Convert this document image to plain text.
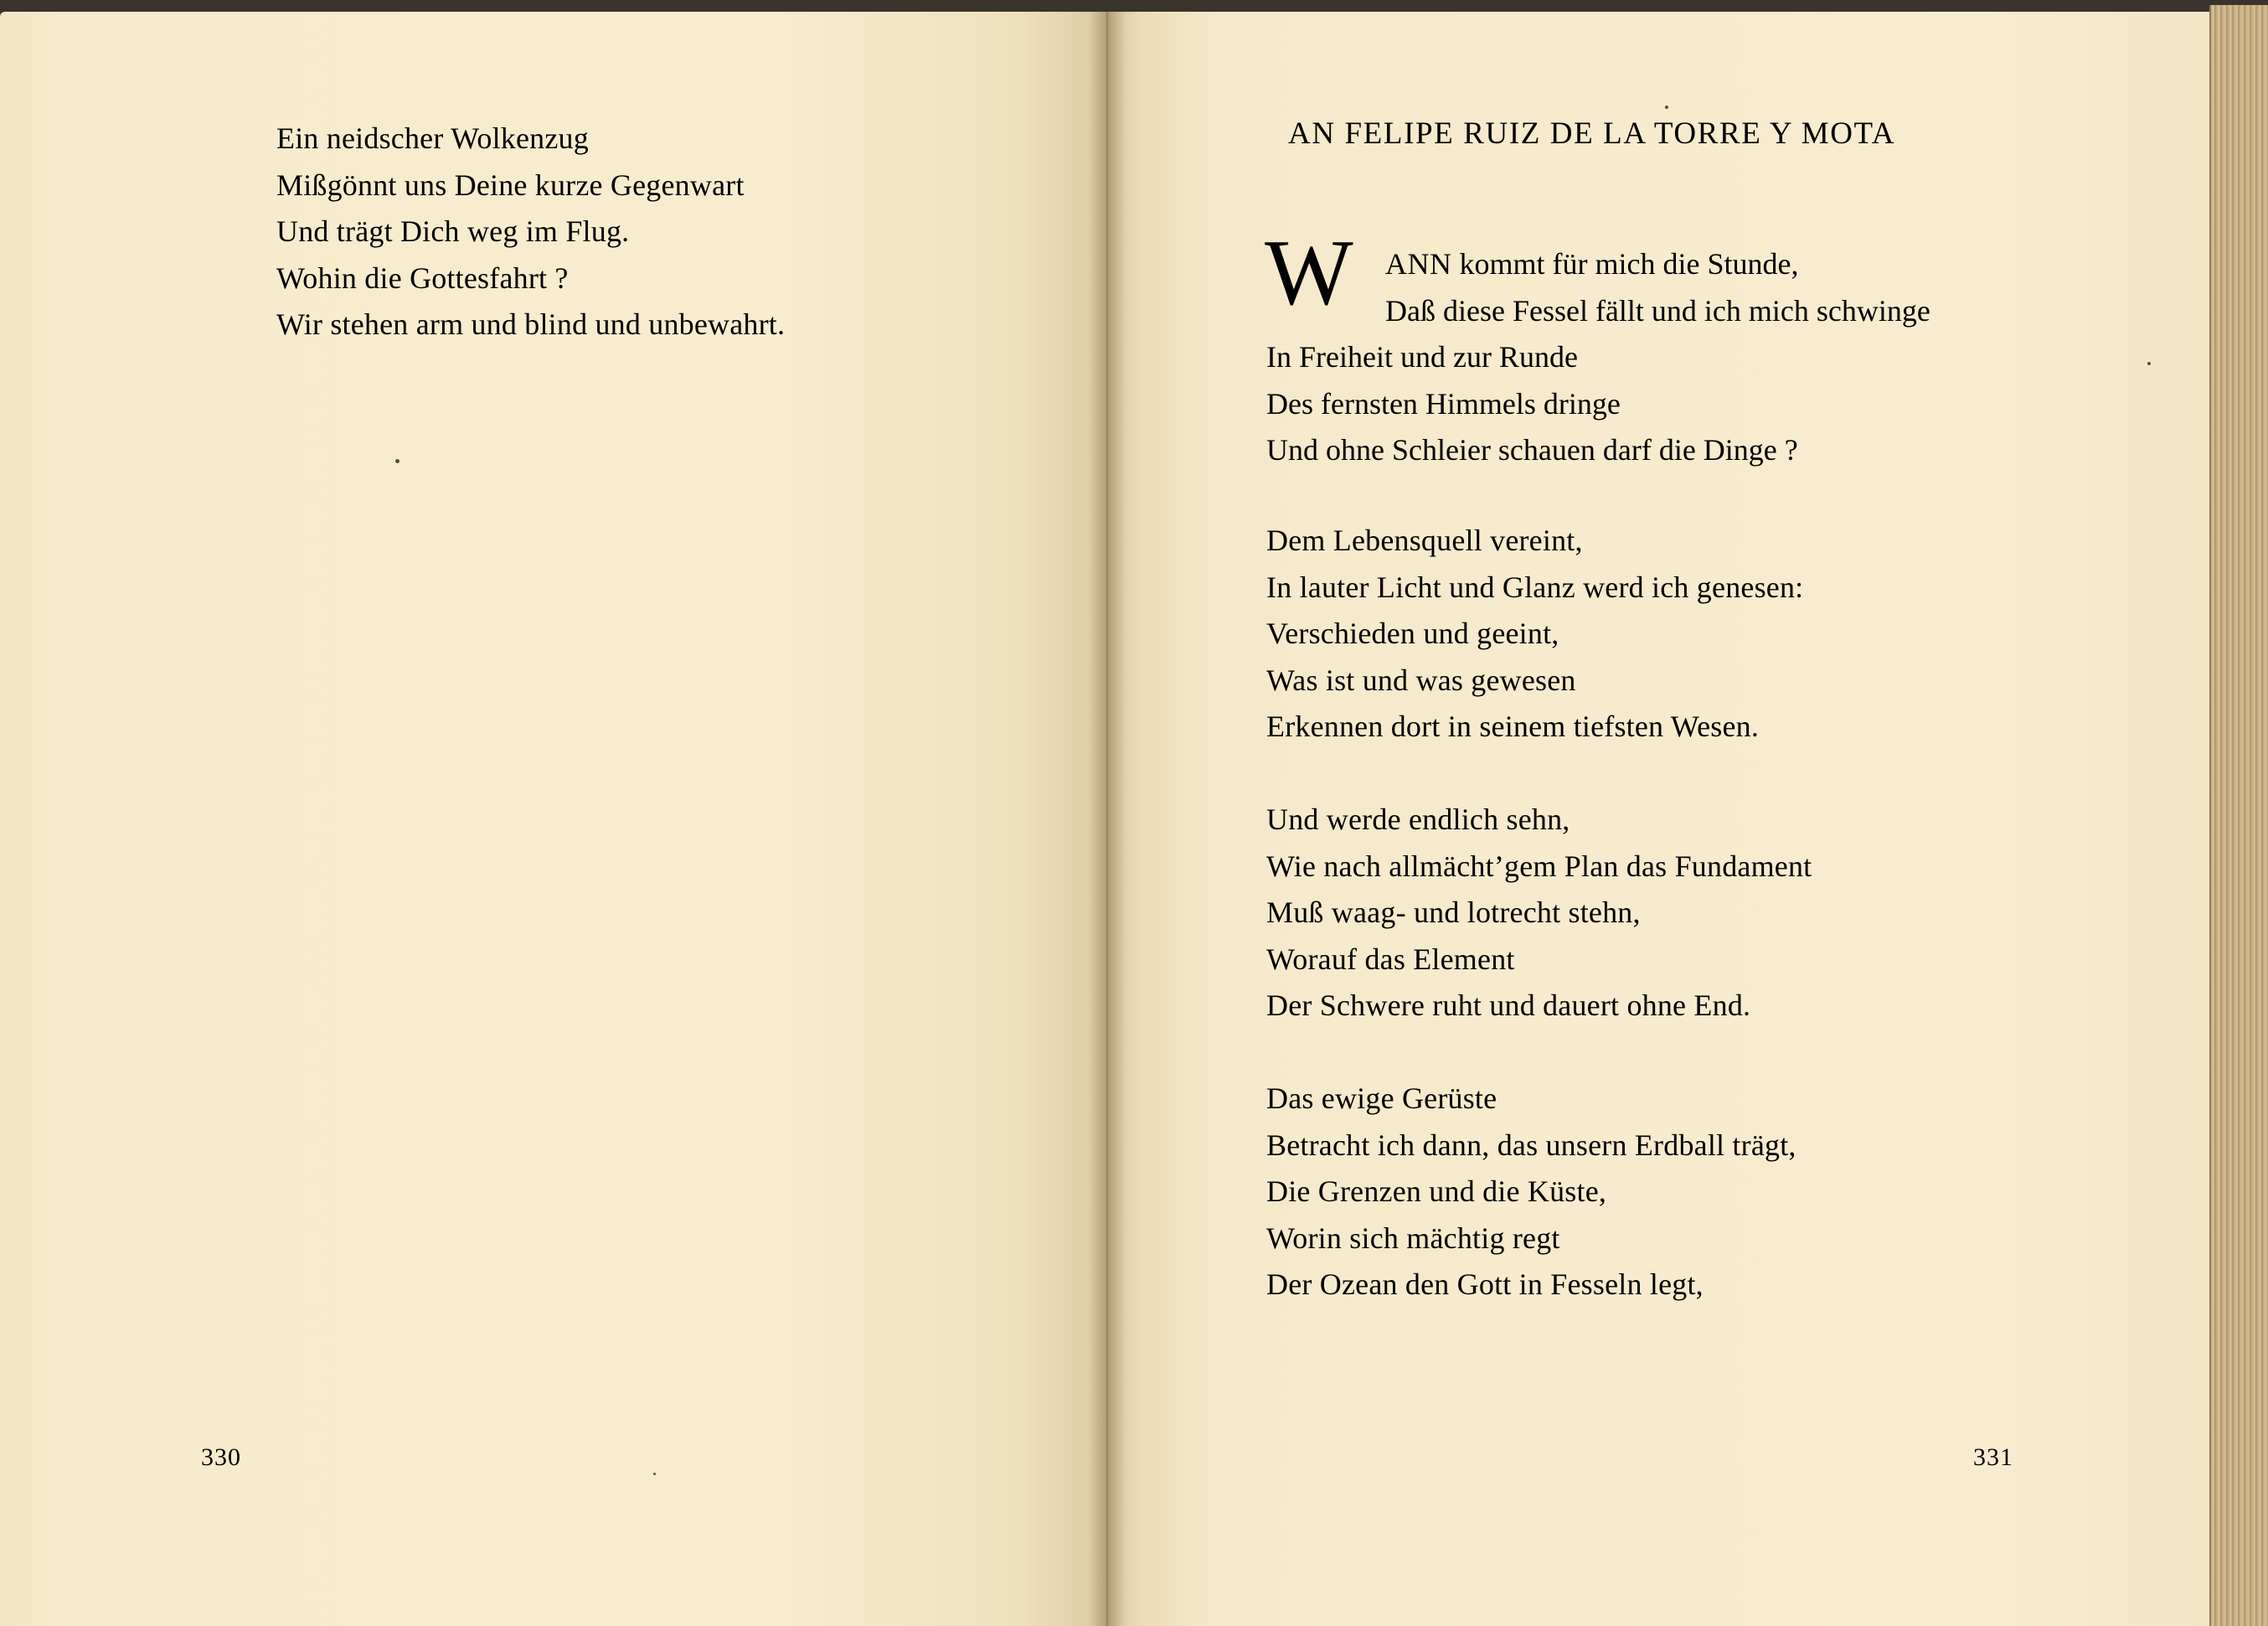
Ein neidscher Wolkenzug
Mißgönnt uns Deine kurze Gegenwart
Und trägt Dich weg im Flug.
Wohin die Gottesfahrt ?
Wir stehen arm und blind und unbewahrt.
330
AN FELIPE RUIZ DE LA TORRE Y MOTA
W	ANN kommt für mich die Stunde,
Daß diese Fessel fällt und ich mich schwinge
In Freiheit und zur Runde
Des fernsten Himmels dringe
Und ohne Schleier schauen darf die Dinge ?
Dem Lebensquell vereint,
In lauter Licht und Glanz werd ich genesen:
Verschieden und geeint,
Was ist und was gewesen
Erkennen dort in seinem tiefsten Wesen.
Und werde endlich sehn,
Wie nach allmächt’gem Plan das Fundament
Muß waag- und lotrecht stehn,
Worauf das Element
Der Schwere ruht und dauert ohne End.
Das ewige Gerüste
Betracht ich dann, das unsern Erdball trägt,
Die Grenzen und die Küste,
Worin sich mächtig regt
Der Ozean den Gott in Fesseln legt,
331
